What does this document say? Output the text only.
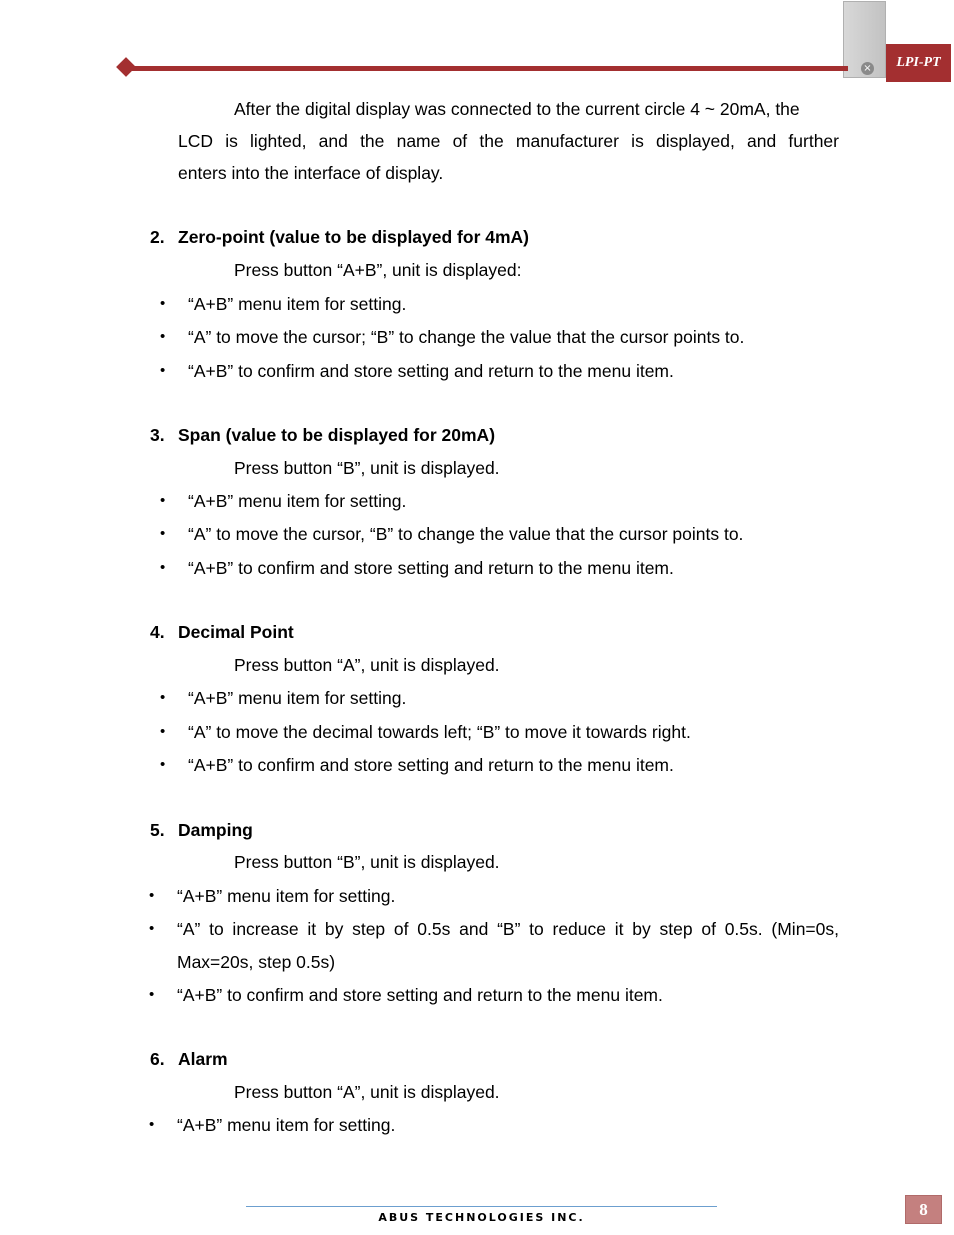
×	LPI-PT
After the digital display was connected to the current circle 4 ~ 20mA, the
LCD is lighted, and the name of the manufacturer is displayed, and further
enters into the interface of display.
2. Zero-point (value to be displayed for 4mA)
Press button “A+B”, unit is displayed:
• “A+B” menu item for setting.
• “A” to move the cursor; “B” to change the value that the cursor points to.
• “A+B” to confirm and store setting and return to the menu item.
3. Span (value to be displayed for 20mA)
Press button “B”, unit is displayed.
• “A+B” menu item for setting.
• “A” to move the cursor, “B” to change the value that the cursor points to.
• “A+B” to confirm and store setting and return to the menu item.
4. Decimal Point
Press button “A”, unit is displayed.
• “A+B” menu item for setting.
• “A” to move the decimal towards left; “B” to move it towards right.
• “A+B” to confirm and store setting and return to the menu item.
5. Damping
Press button “B”, unit is displayed.
• “A+B” menu item for setting.
• “A” to increase it by step of 0.5s and “B” to reduce it by step of 0.5s. (Min=0s,
Max=20s, step 0.5s)
• “A+B” to confirm and store setting and return to the menu item.
6. Alarm
Press button “A”, unit is displayed.
• “A+B” menu item for setting.
ABUS TECHNOLOGIES INC.	8
